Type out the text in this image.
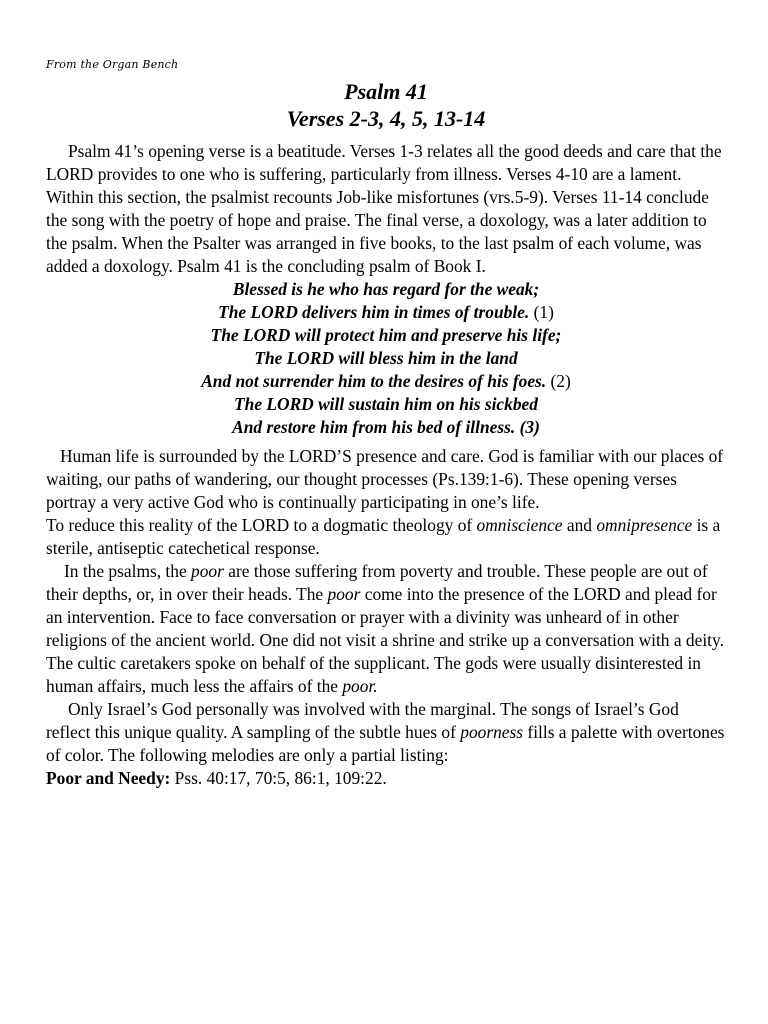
From the Organ Bench
Psalm 41
Verses 2-3, 4, 5, 13-14

Psalm 41’s opening verse is a beatitude. Verses 1-3 relates all the good deeds and care that the LORD provides to one who is suffering, particularly from illness. Verses 4-10 are a lament. Within this section, the psalmist recounts Job-like misfortunes (vrs.5-9). Verses 11-14 conclude the song with the poetry of hope and praise. The final verse, a doxology, was a later addition to the psalm. When the Psalter was arranged in five books, to the last psalm of each volume, was added a doxology. Psalm 41 is the concluding psalm of Book I.

Blessed is he who has regard for the weak;

The LORD delivers him in times of trouble. (1)

The LORD will protect him and preserve his life;

The LORD will bless him in the land

And not surrender him to the desires of his foes. (2)

The LORD will sustain him on his sickbed

And restore him from his bed of illness. (3)

Human life is surrounded by the LORD’S presence and care. God is familiar with our places of waiting, our paths of wandering, our thought processes (Ps.139:1-6). These opening verses portray a very active God who is continually participating in one’s life.

To reduce this reality of the LORD to a dogmatic theology of omniscience and omnipresence is a sterile, antiseptic catechetical response.

In the psalms, the poor are those suffering from poverty and trouble. These people are out of their depths, or, in over their heads. The poor come into the presence of the LORD and plead for an intervention. Face to face conversation or prayer with a divinity was unheard of in other religions of the ancient world. One did not visit a shrine and strike up a conversation with a deity. The cultic caretakers spoke on behalf of the supplicant. The gods were usually disinterested in human affairs, much less the affairs of the poor.

Only Israel’s God personally was involved with the marginal. The songs of Israel’s God reflect this unique quality. A sampling of the subtle hues of poorness fills a palette with overtones of color. The following melodies are only a partial listing:

Poor and Needy: Pss. 40:17, 70:5, 86:1, 109:22.
